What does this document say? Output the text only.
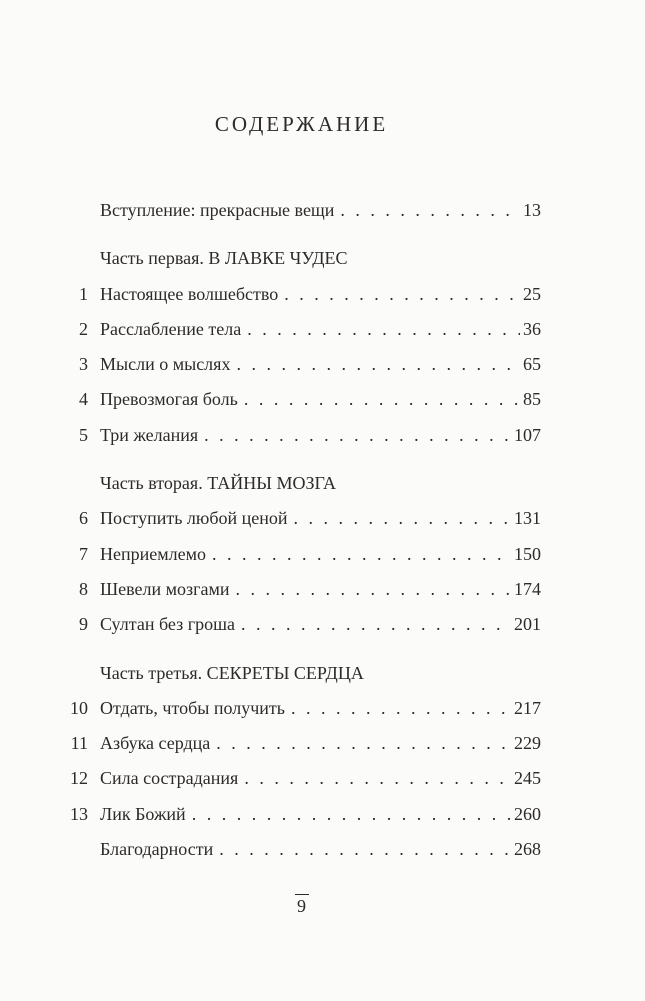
СОДЕРЖАНИЕ
Вступление: прекрасные вещи . . .	13
Часть первая. В ЛАВКЕ ЧУДЕС
1 Настоящее волшебство . . .	25
2 Расслабление тела . . .	36
3 Мысли о мыслях . . .	65
4 Превозмогая боль . . .	85
5 Три желания . . .	107
Часть вторая. ТАЙНЫ МОЗГА
6 Поступить любой ценой . . .	131
7 Неприемлемо . . .	150
8 Шевели мозгами . . .	174
9 Султан без гроша . . .	201
Часть третья. СЕКРЕТЫ СЕРДЦА
10 Отдать, чтобы получить . . .	217
11 Азбука сердца . . .	229
12 Сила сострадания . . .	245
13 Лик Божий . . .	260
Благодарности . . .	268
9
